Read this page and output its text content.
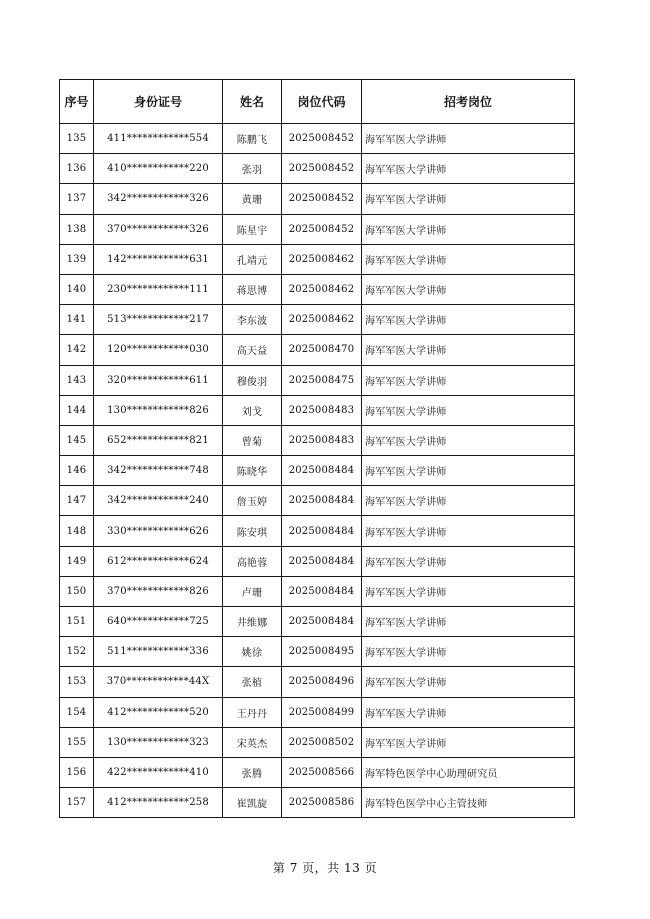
序号	身份证号	姓名	岗位代码	招考岗位
135	411************554	陈鹏飞	2025008452	海军军医大学讲师
136	410************220	张羽	2025008452	海军军医大学讲师
137	342************326	黄珊	2025008452	海军军医大学讲师
138	370************326	陈星宇	2025008452	海军军医大学讲师
139	142************631	孔靖元	2025008462	海军军医大学讲师
140	230************111	蒋思博	2025008462	海军军医大学讲师
141	513************217	李东波	2025008462	海军军医大学讲师
142	120************030	高天益	2025008470	海军军医大学讲师
143	320************611	穆俊羽	2025008475	海军军医大学讲师
144	130************826	刘戈	2025008483	海军军医大学讲师
145	652************821	曾菊	2025008483	海军军医大学讲师
146	342************748	陈晓华	2025008484	海军军医大学讲师
147	342************240	詹玉婷	2025008484	海军军医大学讲师
148	330************626	陈安琪	2025008484	海军军医大学讲师
149	612************624	高艳蓉	2025008484	海军军医大学讲师
150	370************826	卢珊	2025008484	海军军医大学讲师
151	640************725	井维娜	2025008484	海军军医大学讲师
152	511************336	姚徐	2025008495	海军军医大学讲师
153	370************44X	张植	2025008496	海军军医大学讲师
154	412************520	王丹丹	2025008499	海军军医大学讲师
155	130************323	宋英杰	2025008502	海军军医大学讲师
156	422************410	张腾	2025008566	海军特色医学中心助理研究员
157	412************258	崔凯旋	2025008586	海军特色医学中心主管技师
第 7 页，共 13 页
